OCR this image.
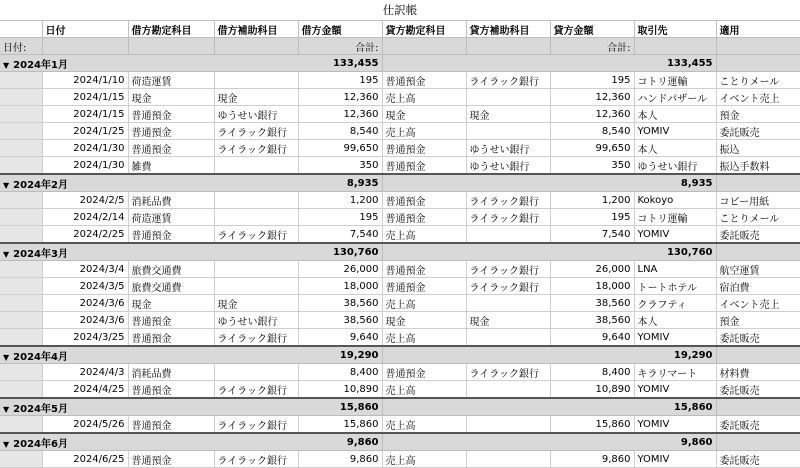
仕訳帳
	日付	借方勘定科目	借方補助科目	借方金額	貸方勘定科目	貸方補助科目	貸方金額	取引先	適用	
日付:				合計:			合計:			
▼ 2024年1月				133,455				133,455		
	2024/1/10	荷造運賃		195	普通預金	ライラック銀行	195	コトリ運輸	ことりメール	
	2024/1/15	現金	現金	12,360	売上高		12,360	ハンドパザール	イベント売上	
	2024/1/15	普通預金	ゆうせい銀行	12,360	現金	現金	12,360	本人	預金	
	2024/1/25	普通預金	ライラック銀行	8,540	売上高		8,540	YOMIV	委託販売	
	2024/1/30	普通預金	ライラック銀行	99,650	普通預金	ゆうせい銀行	99,650	本人	振込	
	2024/1/30	雑費		350	普通預金	ゆうせい銀行	350	ゆうせい銀行	振込手数料	
▼ 2024年2月				8,935				8,935		
	2024/2/5	消耗品費		1,200	普通預金	ライラック銀行	1,200	Kokoyo	コピー用紙	
	2024/2/14	荷造運賃		195	普通預金	ライラック銀行	195	コトリ運輸	ことりメール	
	2024/2/25	普通預金	ライラック銀行	7,540	売上高		7,540	YOMIV	委託販売	
▼ 2024年3月				130,760				130,760		
	2024/3/4	旅費交通費		26,000	普通預金	ライラック銀行	26,000	LNA	航空運賃	
	2024/3/5	旅費交通費		18,000	普通預金	ライラック銀行	18,000	トートホテル	宿泊費	
	2024/3/6	現金	現金	38,560	売上高		38,560	クラフティ	イベント売上	
	2024/3/6	普通預金	ゆうせい銀行	38,560	現金	現金	38,560	本人	預金	
	2024/3/25	普通預金	ライラック銀行	9,640	売上高		9,640	YOMIV	委託販売	
▼ 2024年4月				19,290				19,290		
	2024/4/3	消耗品費		8,400	普通預金	ライラック銀行	8,400	キラリマート	材料費	
	2024/4/25	普通預金	ライラック銀行	10,890	売上高		10,890	YOMIV	委託販売	
▼ 2024年5月				15,860				15,860		
	2024/5/26	普通預金	ライラック銀行	15,860	売上高		15,860	YOMIV	委託販売	
▼ 2024年6月				9,860				9,860		
	2024/6/25	普通預金	ライラック銀行	9,860	売上高		9,860	YOMIV	委託販売	
